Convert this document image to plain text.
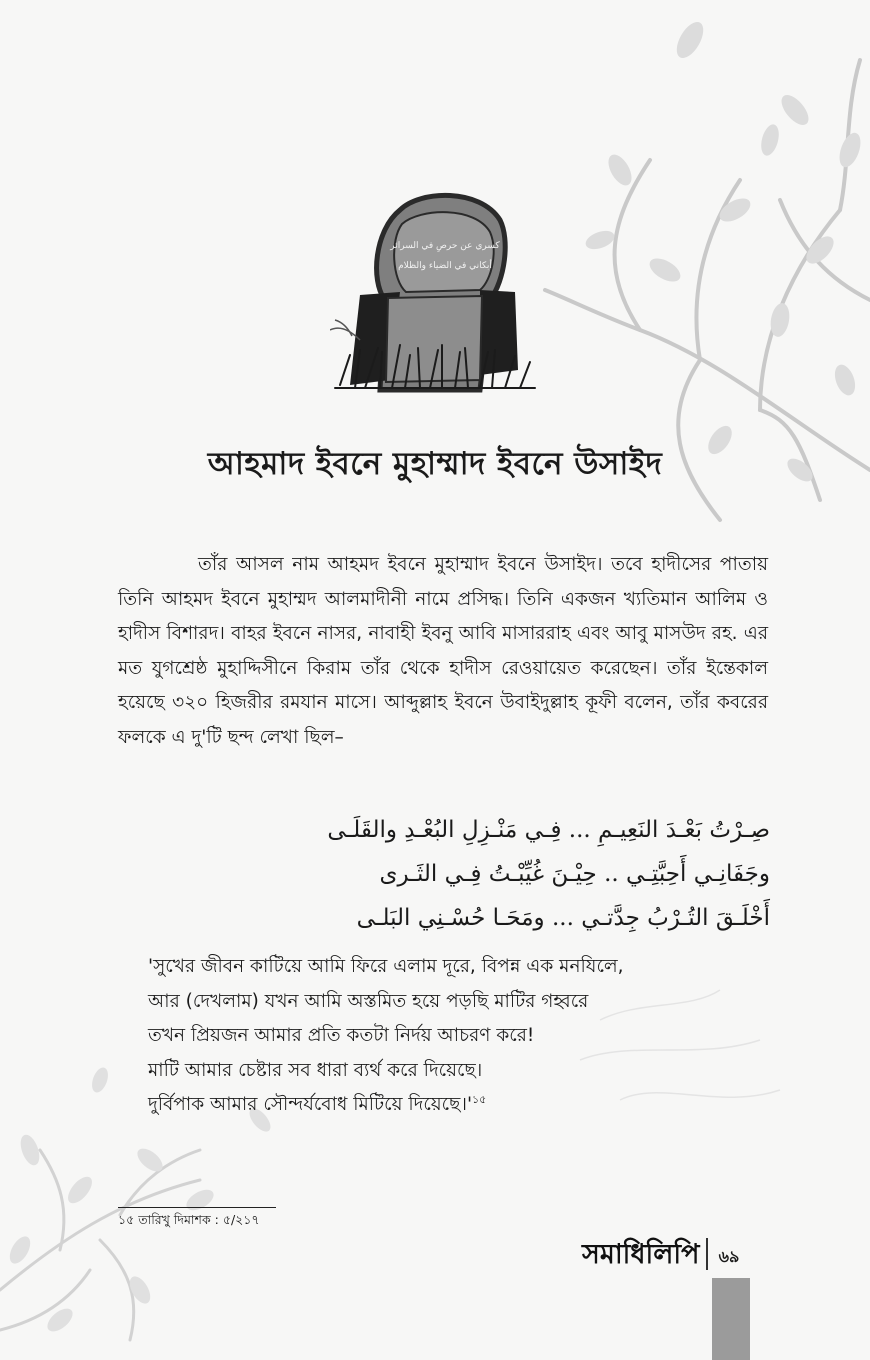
كسري عن حرصِ في السرائر
أبكاني في الضياء والظلام
আহমাদ ইবনে মুহাম্মাদ ইবনে উসাইদ

তাঁর আসল নাম আহমদ ইবনে মুহাম্মাদ ইবনে উসাইদ। তবে হাদীসের পাতায় তিনি আহমদ ইবনে মুহাম্মদ আলমাদীনী নামে প্রসিদ্ধ। তিনি একজন খ্যতিমান আলিম ও হাদীস বিশারদ। বাহর ইবনে নাসর, নাবাহী ইবনু আবি মাসাররাহ এবং আবু মাসউদ রহ. এর মত যুগশ্রেষ্ঠ মুহাদ্দিসীনে কিরাম তাঁর থেকে হাদীস রেওয়ায়েত করেছেন। তাঁর ইন্তেকাল হয়েছে ৩২০ হিজরীর রমযান মাসে। আব্দুল্লাহ ইবনে উবাইদুল্লাহ কূফী বলেন, তাঁর কবরের ফলকে এ দু'টি ছন্দ লেখা ছিল–

صِـرْتُ بَعْـدَ النَعِيـمِ ... فِـي مَنْـزِلِ البُعْـدِ والقَلَـى
وجَفَانِـي أَحِبَّتِـي .. حِيْـنَ غُيِّبْـتُ فِـي الثَـرى
أَخْلَـقَ التُـرْبُ جِدَّتـي ... ومَحَـا حُسْـنِي البَلـى
'সুখের জীবন কাটিয়ে আমি ফিরে এলাম দূরে, বিপন্ন এক মনযিলে,
আর (দেখলাম) যখন আমি অস্তমিত হয়ে পড়ছি মাটির গহ্বরে
তখন প্রিয়জন আমার প্রতি কতটা নির্দয় আচরণ করে!
মাটি আমার চেষ্টার সব ধারা ব্যর্থ করে দিয়েছে।
দুর্বিপাক আমার সৌন্দর্যবোধ মিটিয়ে $দিয়েছে।'^{১৫}$
১৫ তারিখু দিমাশক : ৫/২১৭
সমাধিলিপি	৬৯
